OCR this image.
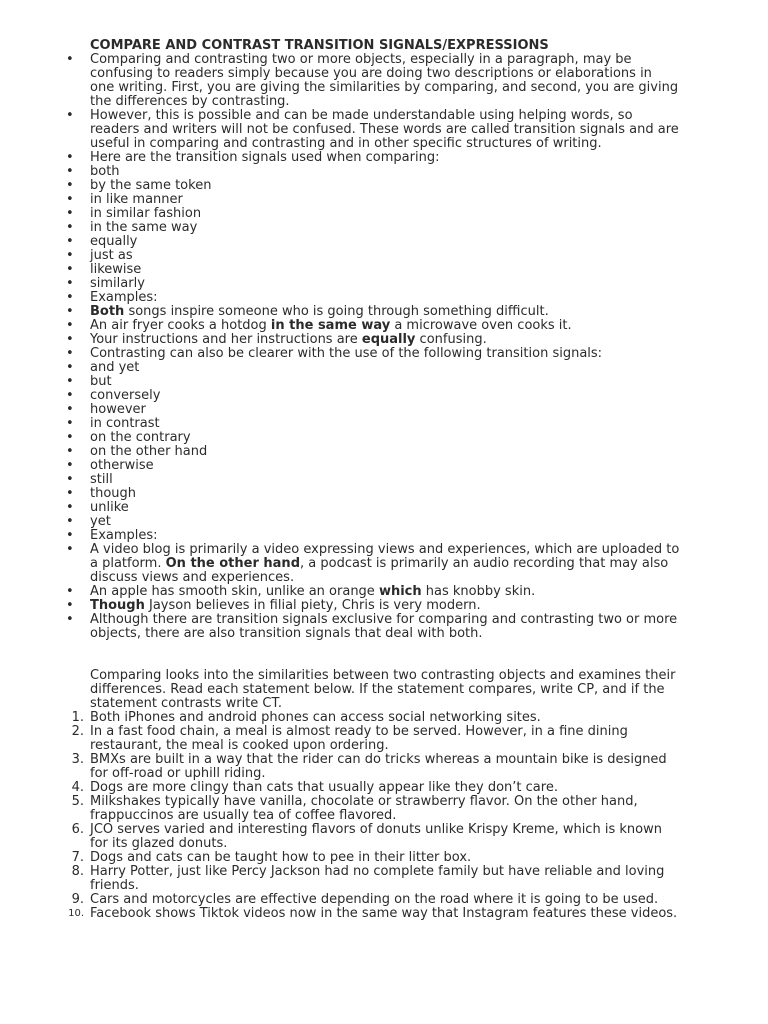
COMPARE AND CONTRAST TRANSITION SIGNALS/EXPRESSIONS
• Comparing and contrasting two or more objects, especially in a paragraph, may be confusing to readers simply because you are doing two descriptions or elaborations in one writing. First, you are giving the similarities by comparing, and second, you are giving the differences by contrasting.
• However, this is possible and can be made understandable using helping words, so readers and writers will not be confused. These words are called transition signals and are useful in comparing and contrasting and in other specific structures of writing.
• Here are the transition signals used when comparing:
• both
• by the same token
• in like manner
• in similar fashion
• in the same way
• equally
• just as
• likewise
• similarly
• Examples:
• Both songs inspire someone who is going through something difficult.
• An air fryer cooks a hotdog in the same way a microwave oven cooks it.
• Your instructions and her instructions are equally confusing.
• Contrasting can also be clearer with the use of the following transition signals:
• and yet
• but
• conversely
• however
• in contrast
• on the contrary
• on the other hand
• otherwise
• still
• though
• unlike
• yet
• Examples:
• A video blog is primarily a video expressing views and experiences, which are uploaded to a platform. On the other hand, a podcast is primarily an audio recording that may also discuss views and experiences.
• An apple has smooth skin, unlike an orange which has knobby skin.
• Though Jayson believes in filial piety, Chris is very modern.
• Although there are transition signals exclusive for comparing and contrasting two or more objects, there are also transition signals that deal with both.

Comparing looks into the similarities between two contrasting objects and examines their differences. Read each statement below. If the statement compares, write CP, and if the statement contrasts write CT.

1. Both iPhones and android phones can access social networking sites.
2. In a fast food chain, a meal is almost ready to be served. However, in a fine dining restaurant, the meal is cooked upon ordering.
3. BMXs are built in a way that the rider can do tricks whereas a mountain bike is designed for off-road or uphill riding.
4. Dogs are more clingy than cats that usually appear like they don’t care.
5. Milkshakes typically have vanilla, chocolate or strawberry flavor. On the other hand, frappuccinos are usually tea of coffee flavored.
6. JCO serves varied and interesting flavors of donuts unlike Krispy Kreme, which is known for its glazed donuts.
7. Dogs and cats can be taught how to pee in their litter box.
8. Harry Potter, just like Percy Jackson had no complete family but have reliable and loving friends.
9. Cars and motorcycles are effective depending on the road where it is going to be used.
10. Facebook shows Tiktok videos now in the same way that Instagram features these videos.
